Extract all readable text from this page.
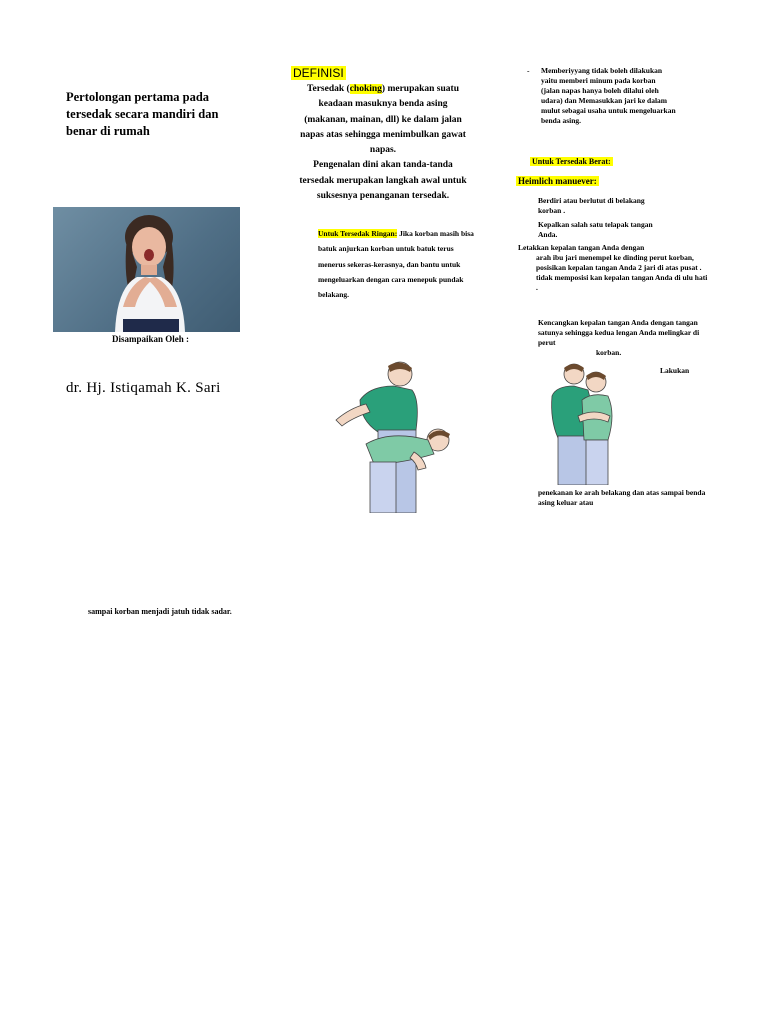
Pertolongan pertama pada tersedak secara mandiri dan benar di rumah
Disampaikan Oleh :
dr. Hj. Istiqamah K. Sari
sampai korban menjadi jatuh tidak sadar.
DEFINISI
Tersedak (choking) merupakan suatu keadaan masuknya benda asing (makanan, mainan, dll) ke dalam jalan napas atas sehingga menimbulkan gawat napas.
Pengenalan dini akan tanda-tanda tersedak merupakan langkah awal untuk suksesnya penanganan tersedak.
Untuk Tersedak Ringan: Jika korban masih bisa batuk anjurkan korban untuk batuk terus menerus sekeras-kerasnya, dan bantu untuk mengeluarkan dengan cara menepuk pundak belakang.
- Memberiyyang tidak boleh dilakukan yaitu memberi minum pada korban (jalan napas hanya boleh dilalui oleh udara) dan Memasukkan jari ke dalam mulut sebagai usaha untuk mengeluarkan benda asing.
Untuk Tersedak Berat:
Heimlich manuever:
Berdiri atau berlutut di belakang korban .
Kepalkan salah satu telapak tangan Anda.
Letakkan kepalan tangan Anda dengan
arah ibu jari menempel ke dinding perut korban, posisikan kepalan tangan Anda 2 jari di atas pusat . tidak memposisi kan kepalan tangan Anda di ulu hati .
Kencangkan kepalan tangan Anda dengan tangan satunya sehingga kedua lengan Anda melingkar di perut
korban.
Lakukan
penekanan ke arah belakang dan atas sampai benda asing keluar atau
